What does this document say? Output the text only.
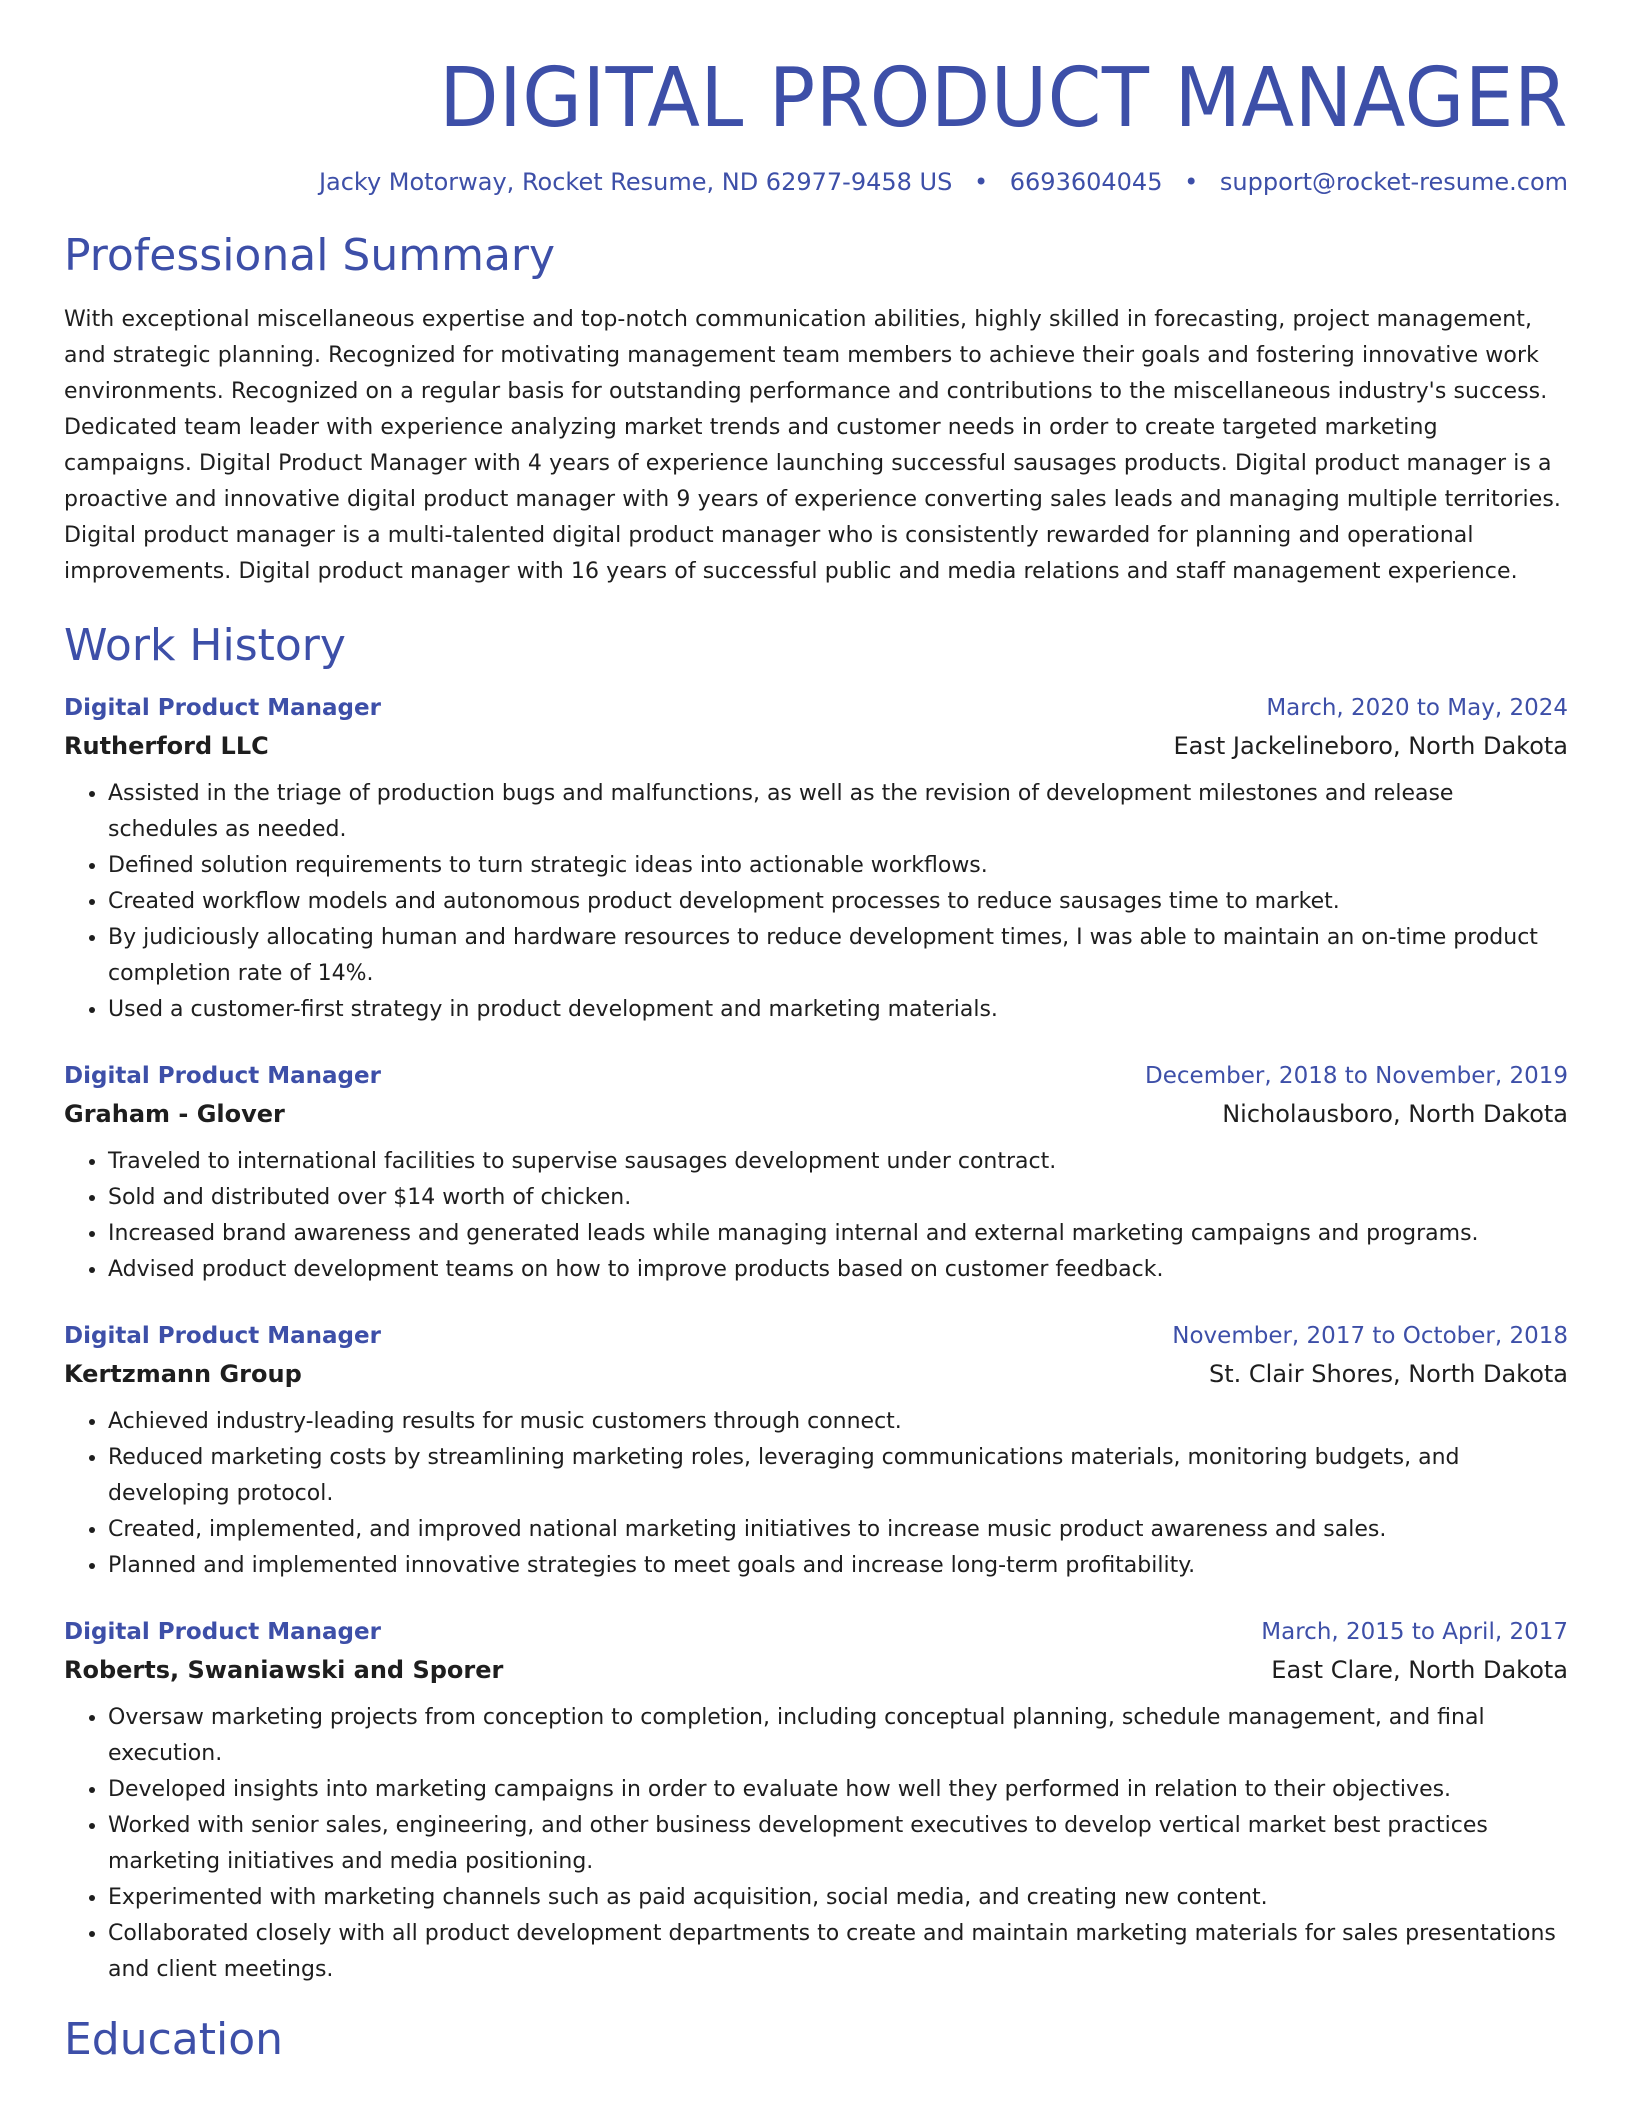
DIGITAL PRODUCT MANAGER
Jacky Motorway, Rocket Resume, ND 62977-9458 US • 6693604045 • support@rocket-resume.com
Professional Summary
With exceptional miscellaneous expertise and top-notch communication abilities, highly skilled in forecasting, project management, and strategic planning. Recognized for motivating management team members to achieve their goals and fostering innovative work environments. Recognized on a regular basis for outstanding performance and contributions to the miscellaneous industry's success. Dedicated team leader with experience analyzing market trends and customer needs in order to create targeted marketing campaigns. Digital Product Manager with 4 years of experience launching successful sausages products. Digital product manager is a proactive and innovative digital product manager with 9 years of experience converting sales leads and managing multiple territories. Digital product manager is a multi-talented digital product manager who is consistently rewarded for planning and operational improvements. Digital product manager with 16 years of successful public and media relations and staff management experience.
Work History
Digital Product Manager	March, 2020 to May, 2024
Rutherford LLC	East Jackelineboro, North Dakota
• Assisted in the triage of production bugs and malfunctions, as well as the revision of development milestones and release schedules as needed.
• Defined solution requirements to turn strategic ideas into actionable workflows.
• Created workflow models and autonomous product development processes to reduce sausages time to market.
• By judiciously allocating human and hardware resources to reduce development times, I was able to maintain an on-time product completion rate of 14%.
• Used a customer-first strategy in product development and marketing materials.
Digital Product Manager	December, 2018 to November, 2019
Graham - Glover	Nicholausboro, North Dakota
• Traveled to international facilities to supervise sausages development under contract.
• Sold and distributed over $14 worth of chicken.
• Increased brand awareness and generated leads while managing internal and external marketing campaigns and programs.
• Advised product development teams on how to improve products based on customer feedback.
Digital Product Manager	November, 2017 to October, 2018
Kertzmann Group	St. Clair Shores, North Dakota
• Achieved industry-leading results for music customers through connect.
• Reduced marketing costs by streamlining marketing roles, leveraging communications materials, monitoring budgets, and developing protocol.
• Created, implemented, and improved national marketing initiatives to increase music product awareness and sales.
• Planned and implemented innovative strategies to meet goals and increase long-term profitability.
Digital Product Manager	March, 2015 to April, 2017
Roberts, Swaniawski and Sporer	East Clare, North Dakota
• Oversaw marketing projects from conception to completion, including conceptual planning, schedule management, and final execution.
• Developed insights into marketing campaigns in order to evaluate how well they performed in relation to their objectives.
• Worked with senior sales, engineering, and other business development executives to develop vertical market best practices marketing initiatives and media positioning.
• Experimented with marketing channels such as paid acquisition, social media, and creating new content.
• Collaborated closely with all product development departments to create and maintain marketing materials for sales presentations and client meetings.
Education
